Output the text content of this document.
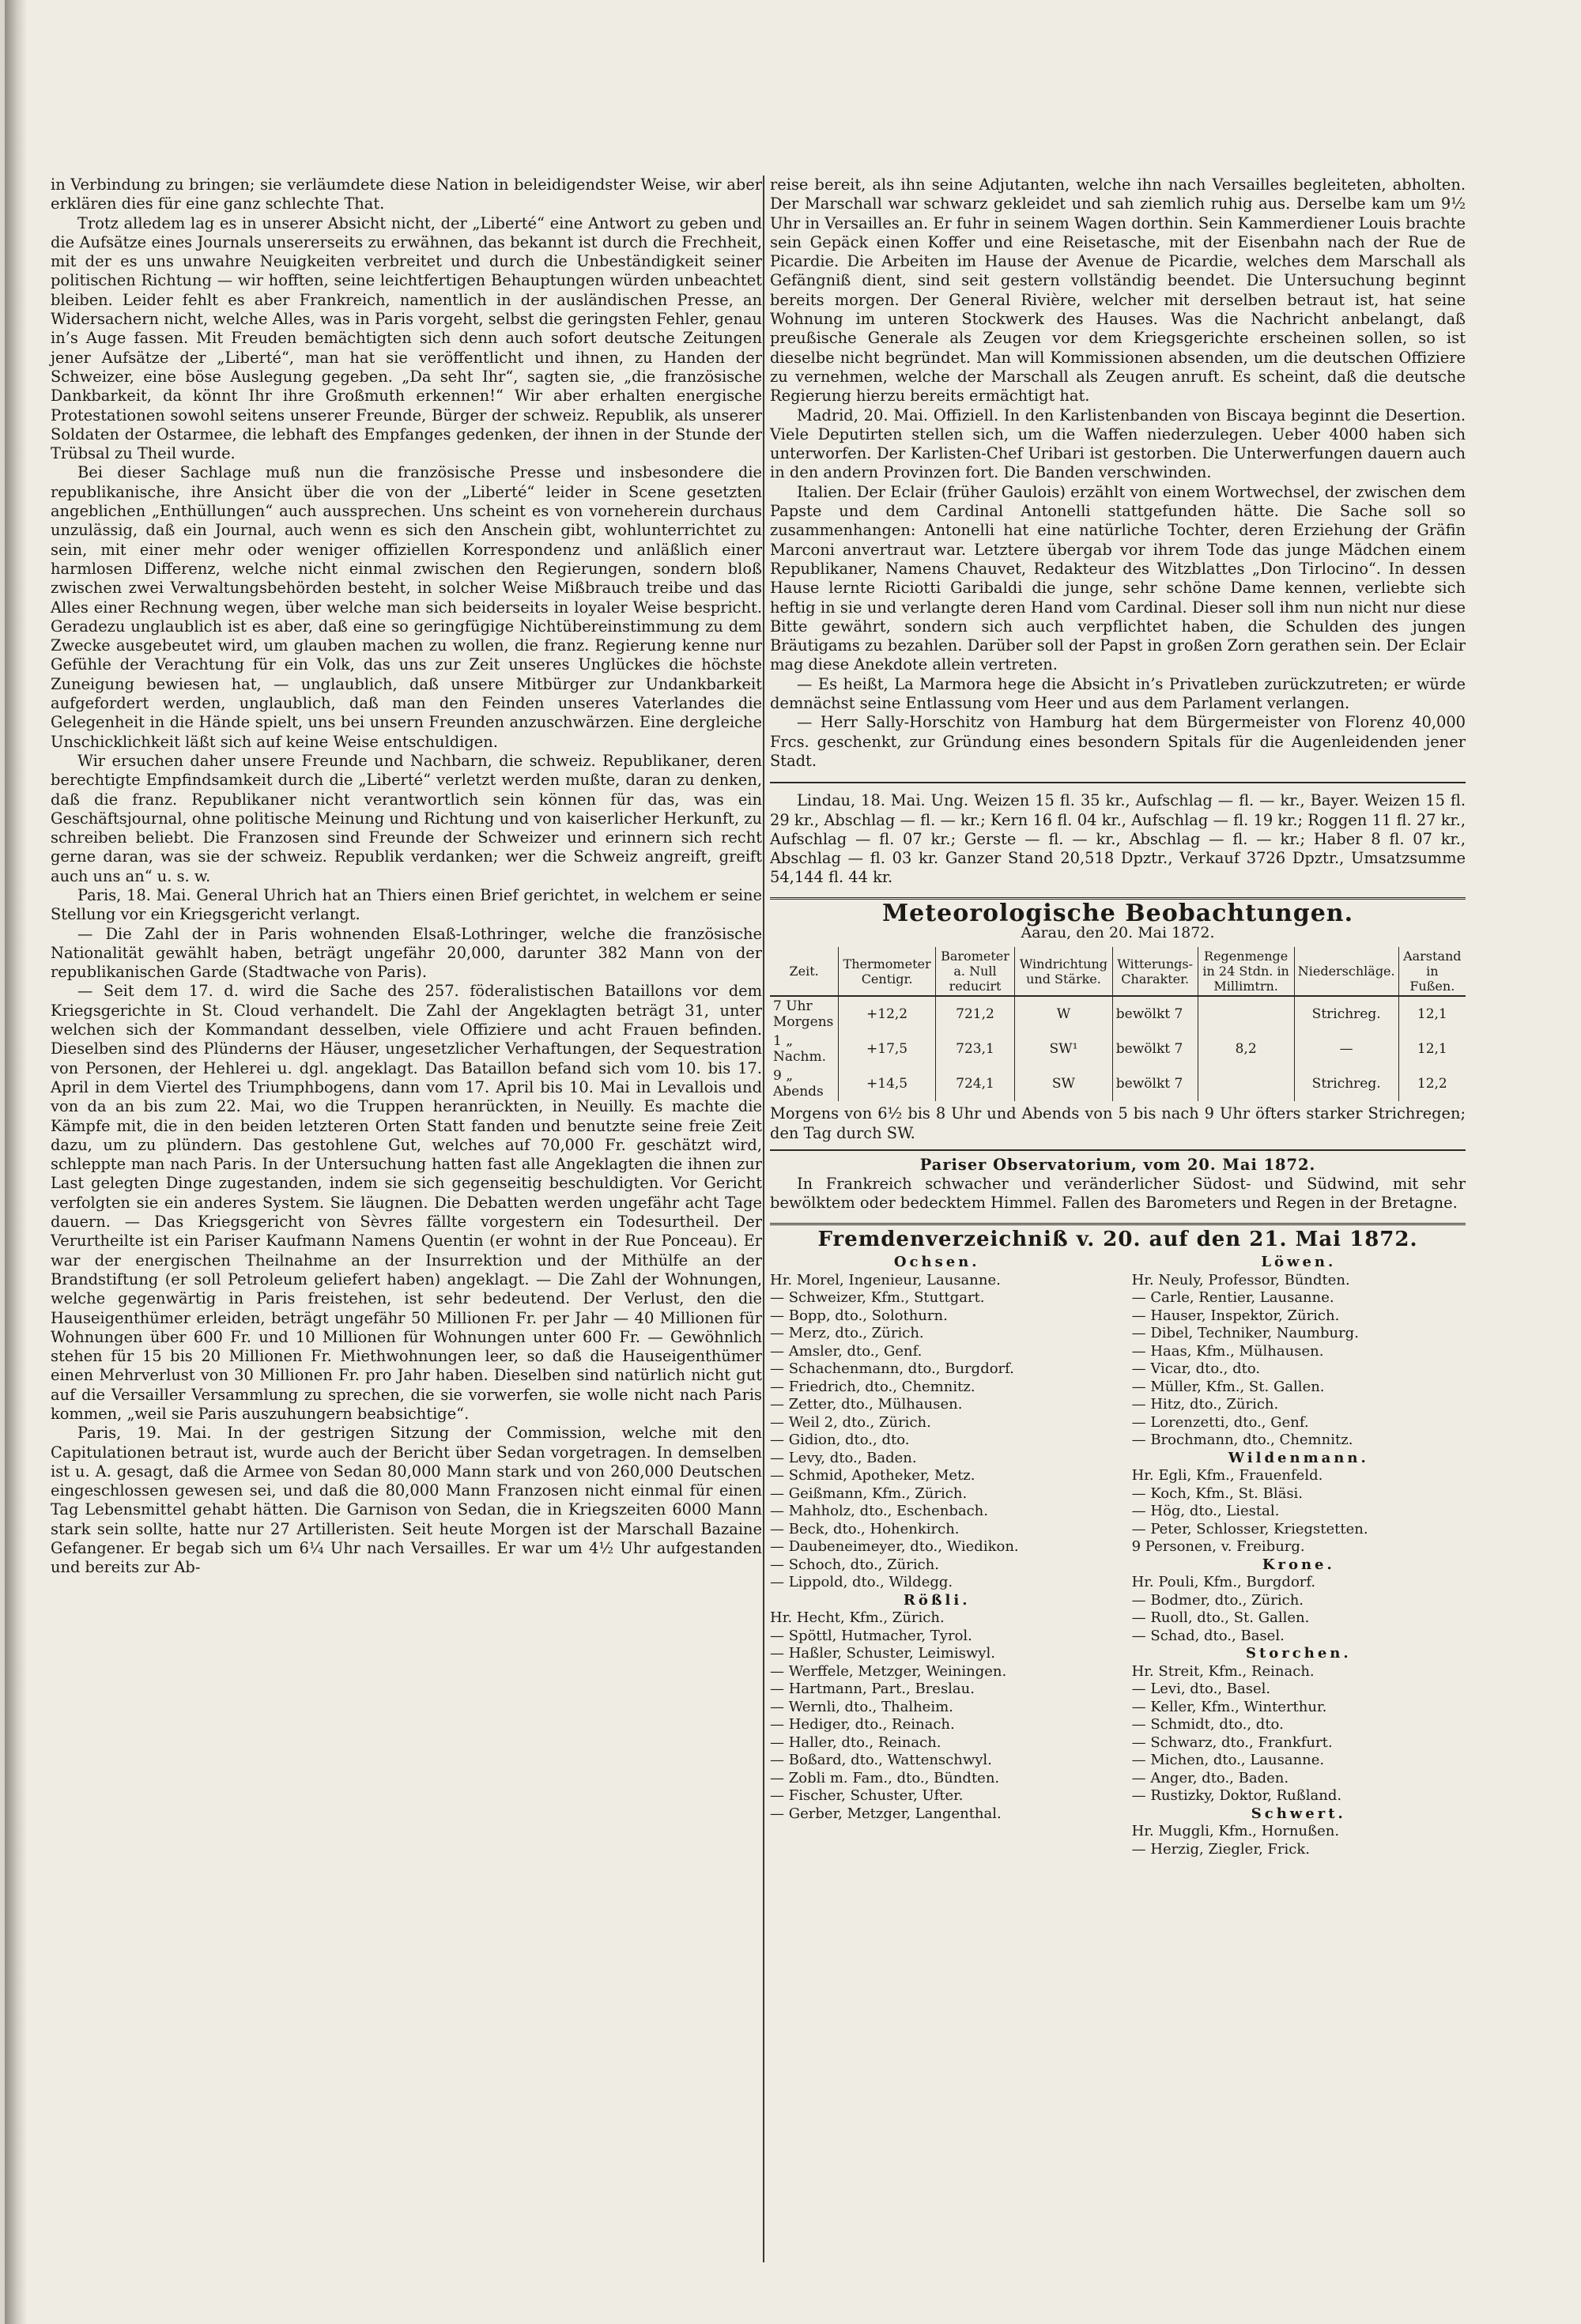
in Verbindung zu bringen; sie verläumdete diese Nation in beleidigendster Weise, wir aber erklären dies für eine ganz schlechte That.

Trotz alledem lag es in unserer Absicht nicht, der „Liberté“ eine Antwort zu geben und die Aufsätze eines Journals unsererseits zu erwähnen, das bekannt ist durch die Frechheit, mit der es uns unwahre Neuigkeiten verbreitet und durch die Unbeständigkeit seiner politischen Richtung — wir hofften, seine leichtfertigen Behauptungen würden unbeachtet bleiben. Leider fehlt es aber Frankreich, namentlich in der ausländischen Presse, an Widersachern nicht, welche Alles, was in Paris vorgeht, selbst die geringsten Fehler, genau in’s Auge fassen. Mit Freuden bemächtigten sich denn auch sofort deutsche Zeitungen jener Aufsätze der „Liberté“, man hat sie veröffentlicht und ihnen, zu Handen der Schweizer, eine böse Auslegung gegeben. „Da seht Ihr“, sagten sie, „die französische Dankbarkeit, da könnt Ihr ihre Großmuth erkennen!“ Wir aber erhalten energische Protestationen sowohl seitens unserer Freunde, Bürger der schweiz. Republik, als unserer Soldaten der Ostarmee, die lebhaft des Empfanges gedenken, der ihnen in der Stunde der Trübsal zu Theil wurde.

Bei dieser Sachlage muß nun die französische Presse und insbesondere die republikanische, ihre Ansicht über die von der „Liberté“ leider in Scene gesetzten angeblichen „Enthüllungen“ auch aussprechen. Uns scheint es von vorneherein durchaus unzulässig, daß ein Journal, auch wenn es sich den Anschein gibt, wohlunterrichtet zu sein, mit einer mehr oder weniger offiziellen Korrespondenz und anläßlich einer harmlosen Differenz, welche nicht einmal zwischen den Regierungen, sondern bloß zwischen zwei Verwaltungsbehörden besteht, in solcher Weise Mißbrauch treibe und das Alles einer Rechnung wegen, über welche man sich beiderseits in loyaler Weise bespricht. Geradezu unglaublich ist es aber, daß eine so geringfügige Nichtübereinstimmung zu dem Zwecke ausgebeutet wird, um glauben machen zu wollen, die franz. Regierung kenne nur Gefühle der Verachtung für ein Volk, das uns zur Zeit unseres Unglückes die höchste Zuneigung bewiesen hat, — unglaublich, daß unsere Mitbürger zur Undankbarkeit aufgefordert werden, unglaublich, daß man den Feinden unseres Vaterlandes die Gelegenheit in die Hände spielt, uns bei unsern Freunden anzuschwärzen. Eine dergleiche Unschicklichkeit läßt sich auf keine Weise entschuldigen.

Wir ersuchen daher unsere Freunde und Nachbarn, die schweiz. Republikaner, deren berechtigte Empfindsamkeit durch die „Liberté“ verletzt werden mußte, daran zu denken, daß die franz. Republikaner nicht verantwortlich sein können für das, was ein Geschäftsjournal, ohne politische Meinung und Richtung und von kaiserlicher Herkunft, zu schreiben beliebt. Die Franzosen sind Freunde der Schweizer und erinnern sich recht gerne daran, was sie der schweiz. Republik verdanken; wer die Schweiz angreift, greift auch uns an“ u. s. w.

Paris, 18. Mai. General Uhrich hat an Thiers einen Brief gerichtet, in welchem er seine Stellung vor ein Kriegsgericht verlangt.

— Die Zahl der in Paris wohnenden Elsaß-Lothringer, welche die französische Nationalität gewählt haben, beträgt ungefähr 20,000, darunter 382 Mann von der republikanischen Garde (Stadtwache von Paris).

— Seit dem 17. d. wird die Sache des 257. föderalistischen Bataillons vor dem Kriegsgerichte in St. Cloud verhandelt. Die Zahl der Angeklagten beträgt 31, unter welchen sich der Kommandant desselben, viele Offiziere und acht Frauen befinden. Dieselben sind des Plünderns der Häuser, ungesetzlicher Verhaftungen, der Sequestration von Personen, der Hehlerei u. dgl. angeklagt. Das Bataillon befand sich vom 10. bis 17. April in dem Viertel des Triumphbogens, dann vom 17. April bis 10. Mai in Levallois und von da an bis zum 22. Mai, wo die Truppen heranrückten, in Neuilly. Es machte die Kämpfe mit, die in den beiden letzteren Orten Statt fanden und benutzte seine freie Zeit dazu, um zu plündern. Das gestohlene Gut, welches auf 70,000 Fr. geschätzt wird, schleppte man nach Paris. In der Untersuchung hatten fast alle Angeklagten die ihnen zur Last gelegten Dinge zugestanden, indem sie sich gegenseitig beschuldigten. Vor Gericht verfolgten sie ein anderes System. Sie läugnen. Die Debatten werden ungefähr acht Tage dauern. — Das Kriegsgericht von Sèvres fällte vorgestern ein Todesurtheil. Der Verurtheilte ist ein Pariser Kaufmann Namens Quentin (er wohnt in der Rue Ponceau). Er war der energischen Theilnahme an der Insurrektion und der Mithülfe an der Brandstiftung (er soll Petroleum geliefert haben) angeklagt. — Die Zahl der Wohnungen, welche gegenwärtig in Paris freistehen, ist sehr bedeutend. Der Verlust, den die Hauseigenthümer erleiden, beträgt ungefähr 50 Millionen Fr. per Jahr — 40 Millionen für Wohnungen über 600 Fr. und 10 Millionen für Wohnungen unter 600 Fr. — Gewöhnlich stehen für 15 bis 20 Millionen Fr. Miethwohnungen leer, so daß die Hauseigenthümer einen Mehrverlust von 30 Millionen Fr. pro Jahr haben. Dieselben sind natürlich nicht gut auf die Versailler Versammlung zu sprechen, die sie vorwerfen, sie wolle nicht nach Paris kommen, „weil sie Paris auszuhungern beabsichtige“.

Paris, 19. Mai. In der gestrigen Sitzung der Commission, welche mit den Capitulationen betraut ist, wurde auch der Bericht über Sedan vorgetragen. In demselben ist u. A. gesagt, daß die Armee von Sedan 80,000 Mann stark und von 260,000 Deutschen eingeschlossen gewesen sei, und daß die 80,000 Mann Franzosen nicht einmal für einen Tag Lebensmittel gehabt hätten. Die Garnison von Sedan, die in Kriegszeiten 6000 Mann stark sein sollte, hatte nur 27 Artilleristen. Seit heute Morgen ist der Marschall Bazaine Gefangener. Er begab sich um 6¼ Uhr nach Versailles. Er war um 4½ Uhr aufgestanden und bereits zur Ab-

reise bereit, als ihn seine Adjutanten, welche ihn nach Versailles begleiteten, abholten. Der Marschall war schwarz gekleidet und sah ziemlich ruhig aus. Derselbe kam um 9½ Uhr in Versailles an. Er fuhr in seinem Wagen dorthin. Sein Kammerdiener Louis brachte sein Gepäck einen Koffer und eine Reisetasche, mit der Eisenbahn nach der Rue de Picardie. Die Arbeiten im Hause der Avenue de Picardie, welches dem Marschall als Gefängniß dient, sind seit gestern vollständig beendet. Die Untersuchung beginnt bereits morgen. Der General Rivière, welcher mit derselben betraut ist, hat seine Wohnung im unteren Stockwerk des Hauses. Was die Nachricht anbelangt, daß preußische Generale als Zeugen vor dem Kriegsgerichte erscheinen sollen, so ist dieselbe nicht begründet. Man will Kommissionen absenden, um die deutschen Offiziere zu vernehmen, welche der Marschall als Zeugen anruft. Es scheint, daß die deutsche Regierung hierzu bereits ermächtigt hat.

Madrid, 20. Mai. Offiziell. In den Karlistenbanden von Biscaya beginnt die Desertion. Viele Deputirten stellen sich, um die Waffen niederzulegen. Ueber 4000 haben sich unterworfen. Der Karlisten-Chef Uribari ist gestorben. Die Unterwerfungen dauern auch in den andern Provinzen fort. Die Banden verschwinden.

Italien. Der Eclair (früher Gaulois) erzählt von einem Wortwechsel, der zwischen dem Papste und dem Cardinal Antonelli stattgefunden hätte. Die Sache soll so zusammenhangen: Antonelli hat eine natürliche Tochter, deren Erziehung der Gräfin Marconi anvertraut war. Letztere übergab vor ihrem Tode das junge Mädchen einem Republikaner, Namens Chauvet, Redakteur des Witzblattes „Don Tirlocino“. In dessen Hause lernte Riciotti Garibaldi die junge, sehr schöne Dame kennen, verliebte sich heftig in sie und verlangte deren Hand vom Cardinal. Dieser soll ihm nun nicht nur diese Bitte gewährt, sondern sich auch verpflichtet haben, die Schulden des jungen Bräutigams zu bezahlen. Darüber soll der Papst in großen Zorn gerathen sein. Der Eclair mag diese Anekdote allein vertreten.

— Es heißt, La Marmora hege die Absicht in’s Privatleben zurückzutreten; er würde demnächst seine Entlassung vom Heer und aus dem Parlament verlangen.

— Herr Sally-Horschitz von Hamburg hat dem Bürgermeister von Florenz 40,000 Frcs. geschenkt, zur Gründung eines besondern Spitals für die Augenleidenden jener Stadt.

Lindau, 18. Mai. Ung. Weizen 15 fl. 35 kr., Aufschlag — fl. — kr., Bayer. Weizen 15 fl. 29 kr., Abschlag — fl. — kr.; Kern 16 fl. 04 kr., Aufschlag — fl. 19 kr.; Roggen 11 fl. 27 kr., Aufschlag — fl. 07 kr.; Gerste — fl. — kr., Abschlag — fl. — kr.; Haber 8 fl. 07 kr., Abschlag — fl. 03 kr. Ganzer Stand 20,518 Dpztr., Verkauf 3726 Dpztr., Umsatzsumme 54,144 fl. 44 kr.

Meteorologische Beobachtungen.
Aarau, den 20. Mai 1872.
Zeit.	Thermometer Centigr.	Barometer a. Null reducirt	Windrichtung und Stärke.	Witterungs-Charakter.	Regenmenge in 24 Stdn. in Millimtrn.	Niederschläge.	Aarstand in Fußen.
7 Uhr Morgens	+12,2	721,2	W	bewölkt 7		Strichreg.	12,1
1 „ Nachm.	+17,5	723,1	SW¹	bewölkt 7	8,2	—	12,1
9 „ Abends	+14,5	724,1	SW	bewölkt 7		Strichreg.	12,2

Morgens von 6½ bis 8 Uhr und Abends von 5 bis nach 9 Uhr öfters starker Strichregen; den Tag durch SW.

Pariser Observatorium, vom 20. Mai 1872.

In Frankreich schwacher und veränderlicher Südost- und Südwind, mit sehr bewölktem oder bedecktem Himmel. Fallen des Barometers und Regen in der Bretagne.

Fremdenverzeichniß v. 20. auf den 21. Mai 1872.
Ochsen.
Hr. Morel, Ingenieur, Lausanne.
— Schweizer, Kfm., Stuttgart.
— Bopp, dto., Solothurn.
— Merz, dto., Zürich.
— Amsler, dto., Genf.
— Schachenmann, dto., Burgdorf.
— Friedrich, dto., Chemnitz.
— Zetter, dto., Mülhausen.
— Weil 2, dto., Zürich.
— Gidion, dto., dto.
— Levy, dto., Baden.
— Schmid, Apotheker, Metz.
— Geißmann, Kfm., Zürich.
— Mahholz, dto., Eschenbach.
— Beck, dto., Hohenkirch.
— Daubeneimeyer, dto., Wiedikon.
— Schoch, dto., Zürich.
— Lippold, dto., Wildegg.
Rößli.
Hr. Hecht, Kfm., Zürich.
— Spöttl, Hutmacher, Tyrol.
— Haßler, Schuster, Leimiswyl.
— Werffele, Metzger, Weiningen.
— Hartmann, Part., Breslau.
— Wernli, dto., Thalheim.
— Hediger, dto., Reinach.
— Haller, dto., Reinach.
— Boßard, dto., Wattenschwyl.
— Zobli m. Fam., dto., Bündten.
— Fischer, Schuster, Ufter.
— Gerber, Metzger, Langenthal.
Löwen.
Hr. Neuly, Professor, Bündten.
— Carle, Rentier, Lausanne.
— Hauser, Inspektor, Zürich.
— Dibel, Techniker, Naumburg.
— Haas, Kfm., Mülhausen.
— Vicar, dto., dto.
— Müller, Kfm., St. Gallen.
— Hitz, dto., Zürich.
— Lorenzetti, dto., Genf.
— Brochmann, dto., Chemnitz.
Wildenmann.
Hr. Egli, Kfm., Frauenfeld.
— Koch, Kfm., St. Bläsi.
— Hög, dto., Liestal.
— Peter, Schlosser, Kriegstetten.
9 Personen, v. Freiburg.
Krone.
Hr. Pouli, Kfm., Burgdorf.
— Bodmer, dto., Zürich.
— Ruoll, dto., St. Gallen.
— Schad, dto., Basel.
Storchen.
Hr. Streit, Kfm., Reinach.
— Levi, dto., Basel.
— Keller, Kfm., Winterthur.
— Schmidt, dto., dto.
— Schwarz, dto., Frankfurt.
— Michen, dto., Lausanne.
— Anger, dto., Baden.
— Rustizky, Doktor, Rußland.
Schwert.
Hr. Muggli, Kfm., Hornußen.
— Herzig, Ziegler, Frick.
